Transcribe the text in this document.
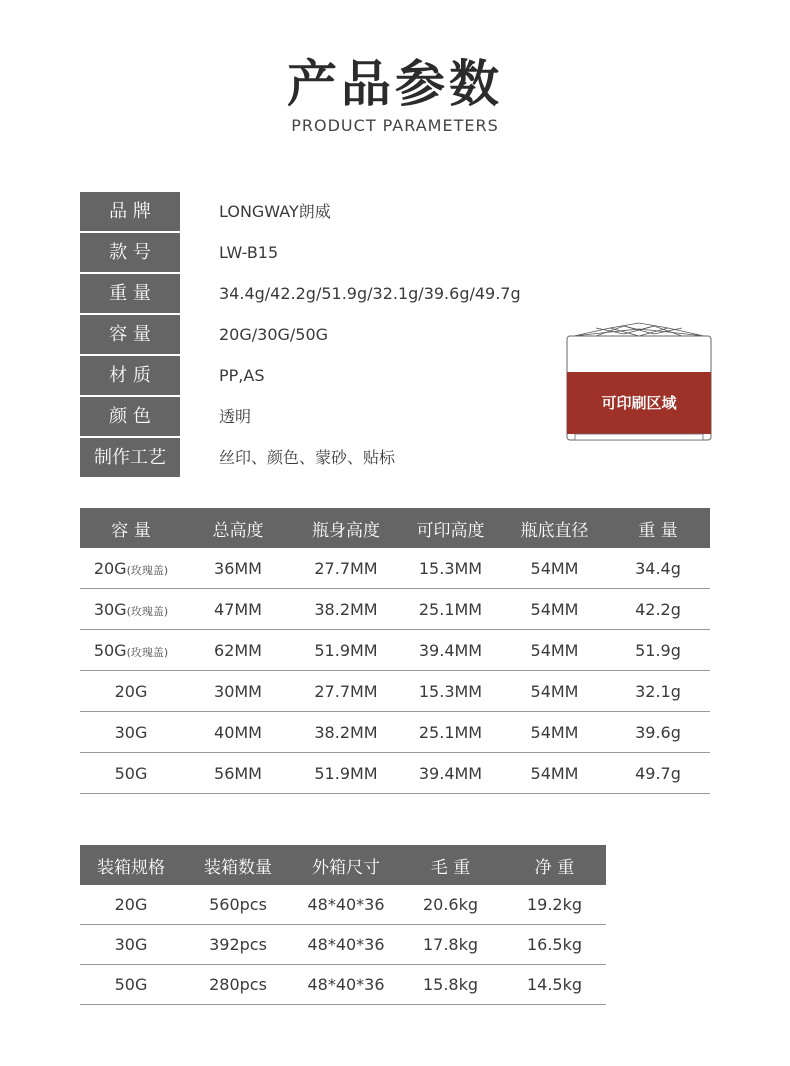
产品参数
PRODUCT PARAMETERS
品 牌	LONGWAY朗威
款 号	LW-B15
重 量	34.4g/42.2g/51.9g/32.1g/39.6g/49.7g
容 量	20G/30G/50G
材 质	PP,AS
颜 色	透明
制作工艺	丝印、颜色、蒙砂、贴标
可印刷区域
容 量	总高度	瓶身高度	可印高度	瓶底直径	重 量
20G(玫瑰盖)	36MM	27.7MM	15.3MM	54MM	34.4g
30G(玫瑰盖)	47MM	38.2MM	25.1MM	54MM	42.2g
50G(玫瑰盖)	62MM	51.9MM	39.4MM	54MM	51.9g
20G	30MM	27.7MM	15.3MM	54MM	32.1g
30G	40MM	38.2MM	25.1MM	54MM	39.6g
50G	56MM	51.9MM	39.4MM	54MM	49.7g
装箱规格	装箱数量	外箱尺寸	毛 重	净 重
20G	560pcs	48*40*36	20.6kg	19.2kg
30G	392pcs	48*40*36	17.8kg	16.5kg
50G	280pcs	48*40*36	15.8kg	14.5kg
